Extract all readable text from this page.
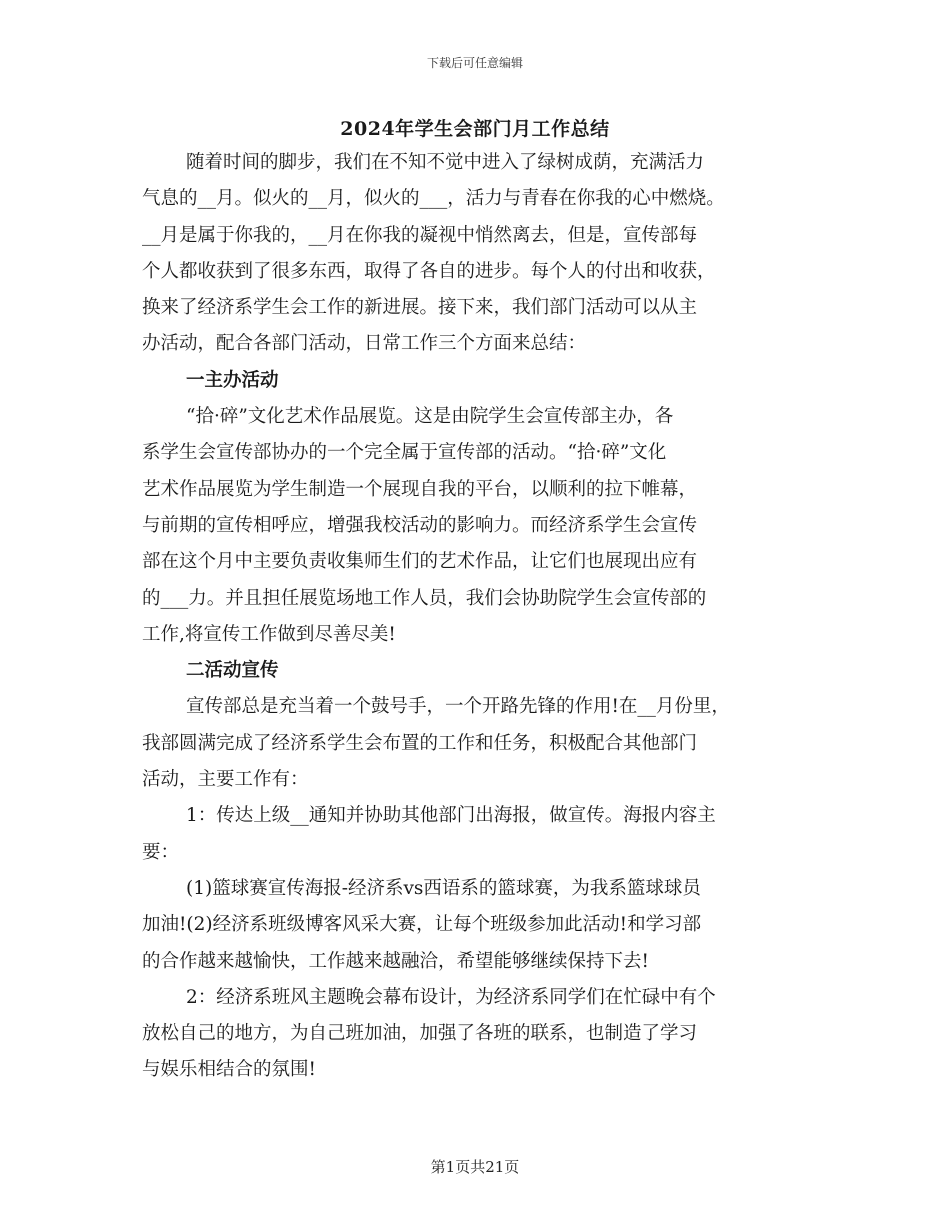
下载后可任意编辑
2024年学生会部门月工作总结
随着时间的脚步，我们在不知不觉中进入了绿树成荫，充满活力
气息的__月。似火的__月，似火的___，活力与青春在你我的心中燃烧。
__月是属于你我的，__月在你我的凝视中悄然离去，但是，宣传部每
个人都收获到了很多东西，取得了各自的进步。每个人的付出和收获，
换来了经济系学生会工作的新进展。接下来，我们部门活动可以从主
办活动，配合各部门活动，日常工作三个方面来总结：
一主办活动
“拾·碎”文化艺术作品展览。这是由院学生会宣传部主办，各
系学生会宣传部协办的一个完全属于宣传部的活动。“拾·碎”文化
艺术作品展览为学生制造一个展现自我的平台，以顺利的拉下帷幕，
与前期的宣传相呼应，增强我校活动的影响力。而经济系学生会宣传
部在这个月中主要负责收集师生们的艺术作品，让它们也展现出应有
的___力。并且担任展览场地工作人员，我们会协助院学生会宣传部的
工作,将宣传工作做到尽善尽美!
二活动宣传
宣传部总是充当着一个鼓号手，一个开路先锋的作用!在__月份里，
我部圆满完成了经济系学生会布置的工作和任务，积极配合其他部门
活动，主要工作有：
1：传达上级__通知并协助其他部门出海报，做宣传。海报内容主
要：
(1)篮球赛宣传海报-经济系vs西语系的篮球赛，为我系篮球球员
加油!(2)经济系班级博客风采大赛，让每个班级参加此活动!和学习部
的合作越来越愉快，工作越来越融洽，希望能够继续保持下去!
2：经济系班风主题晚会幕布设计，为经济系同学们在忙碌中有个
放松自己的地方，为自己班加油，加强了各班的联系，也制造了学习
与娱乐相结合的氛围!
第1页共21页
